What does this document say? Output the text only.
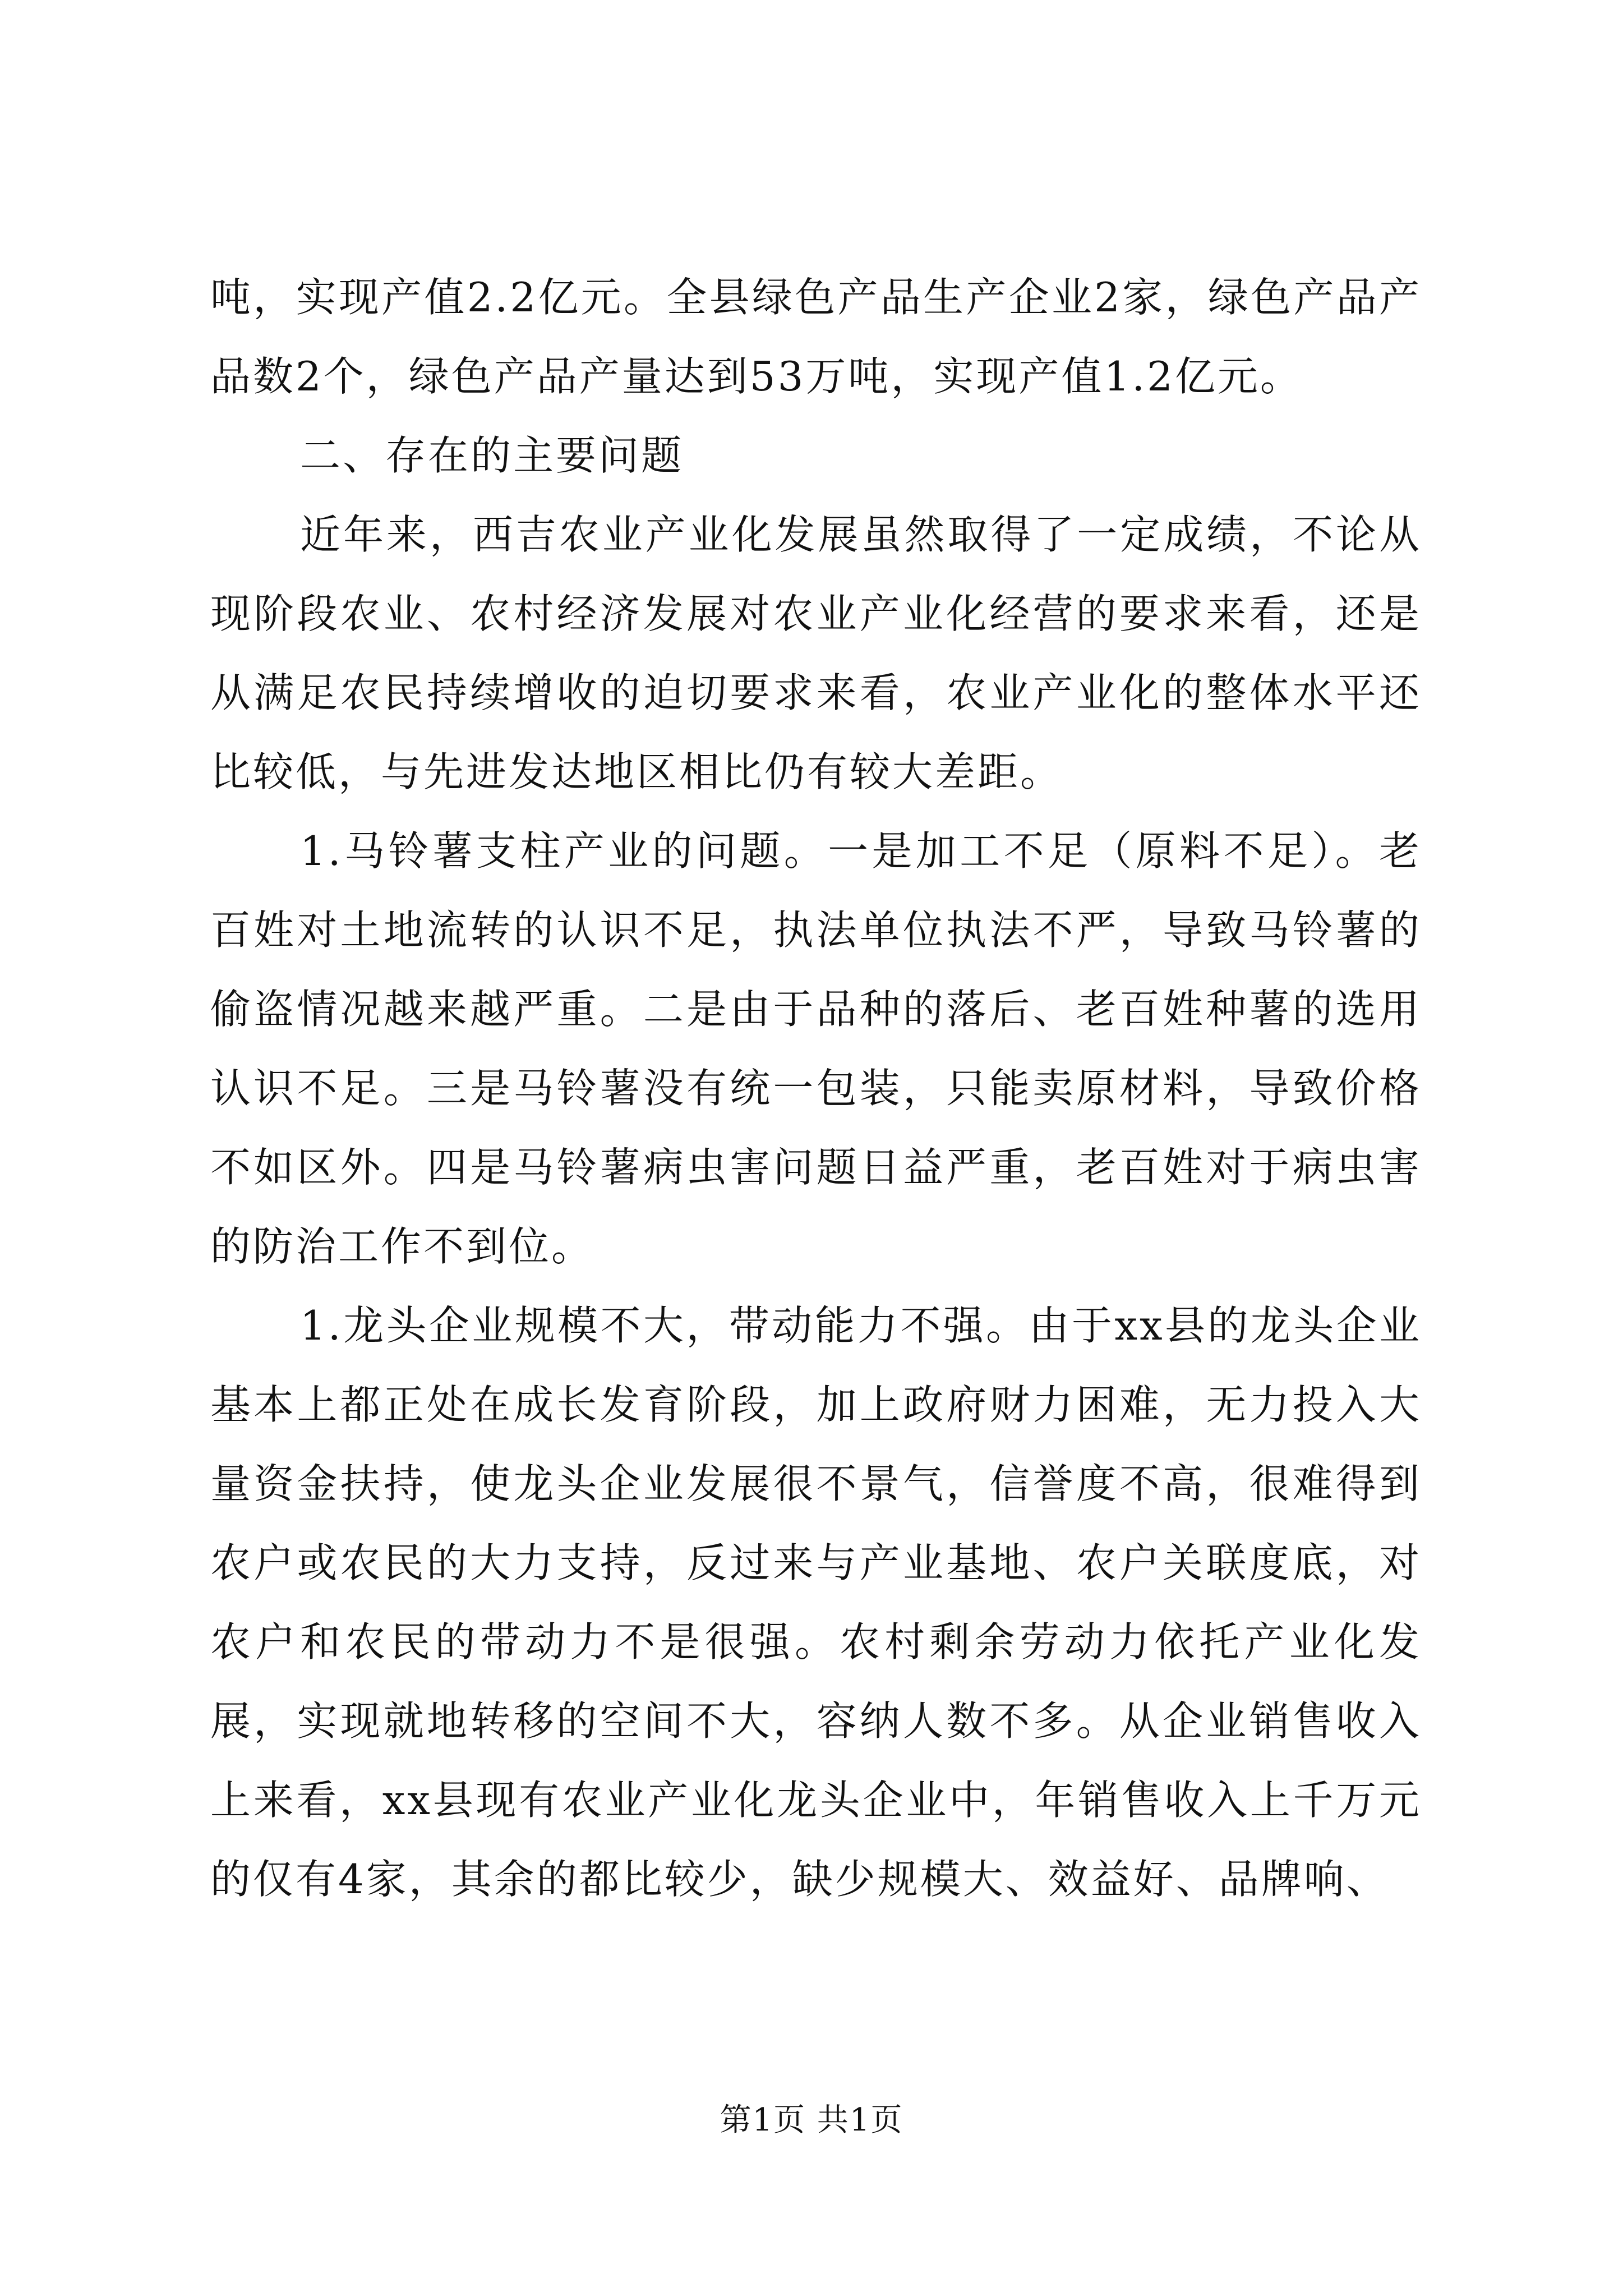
吨，实现产值2.2亿元。全县绿色产品生产企业2家，绿色产品产品数2个，绿色产品产量达到53万吨，实现产值1.2亿元。

二、存在的主要问题

近年来，西吉农业产业化发展虽然取得了一定成绩，不论从现阶段农业、农村经济发展对农业产业化经营的要求来看，还是从满足农民持续增收的迫切要求来看，农业产业化的整体水平还比较低，与先进发达地区相比仍有较大差距。

1.马铃薯支柱产业的问题。一是加工不足（原料不足）。老百姓对土地流转的认识不足，执法单位执法不严，导致马铃薯的偷盗情况越来越严重。二是由于品种的落后、老百姓种薯的选用认识不足。三是马铃薯没有统一包装，只能卖原材料，导致价格不如区外。四是马铃薯病虫害问题日益严重，老百姓对于病虫害的防治工作不到位。

1.龙头企业规模不大，带动能力不强。由于xx县的龙头企业基本上都正处在成长发育阶段，加上政府财力困难，无力投入大量资金扶持，使龙头企业发展很不景气，信誉度不高，很难得到农户或农民的大力支持，反过来与产业基地、农户关联度底，对农户和农民的带动力不是很强。农村剩余劳动力依托产业化发展，实现就地转移的空间不大，容纳人数不多。从企业销售收入上来看，xx县现有农业产业化龙头企业中，年销售收入上千万元的仅有4家，其余的都比较少，缺少规模大、效益好、品牌响、

第1页 共1页
